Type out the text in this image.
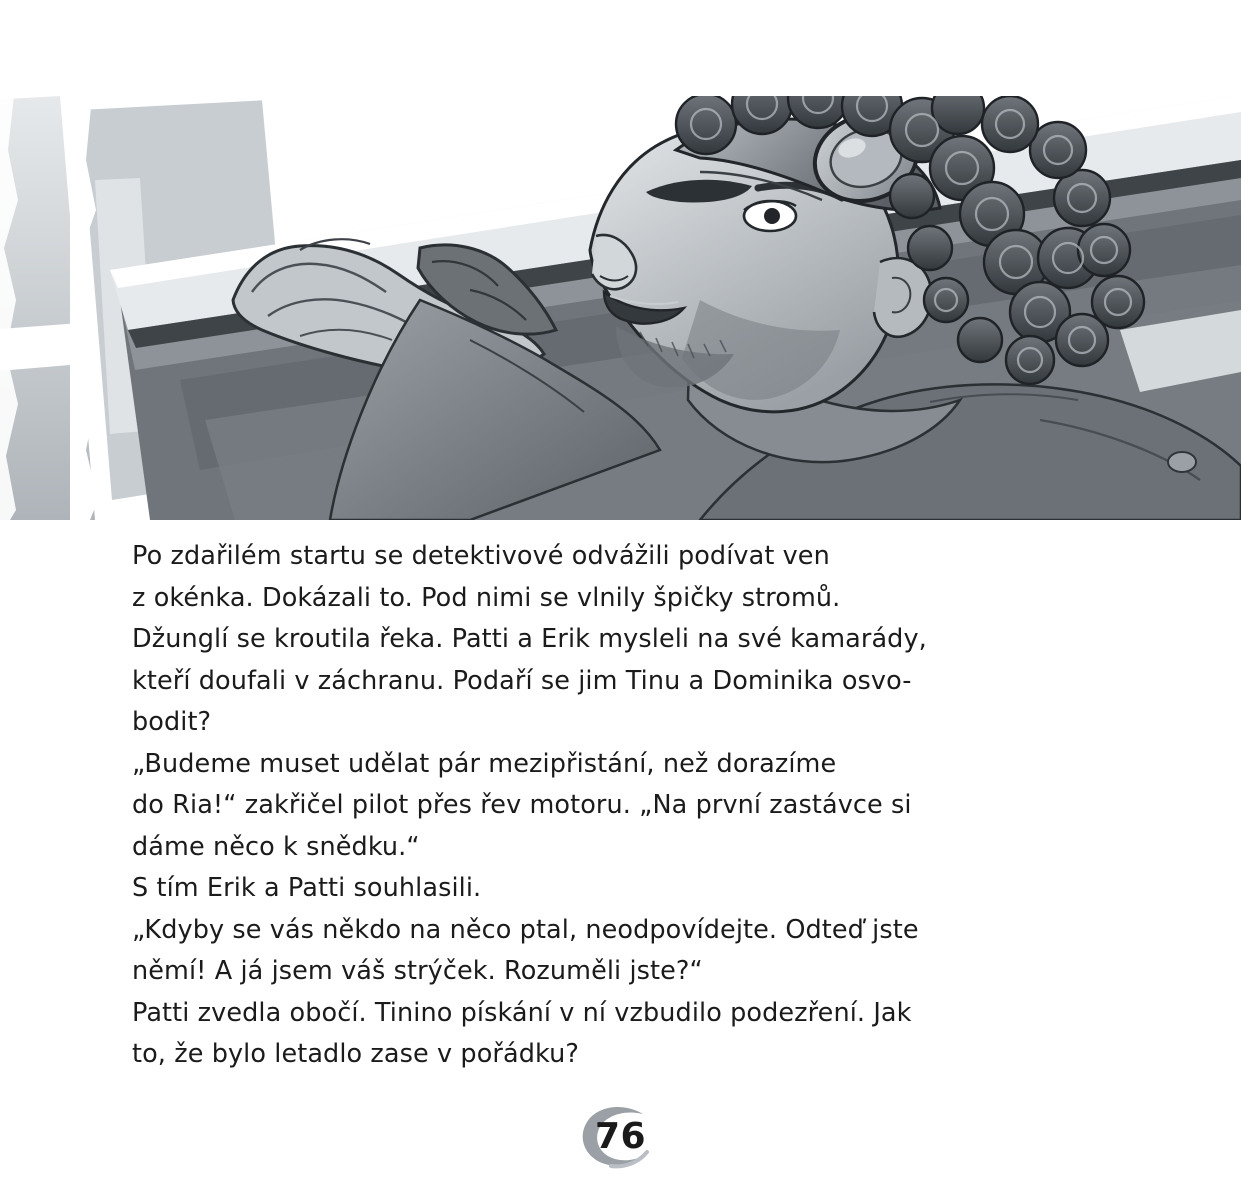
Po zdařilém startu se detektivové odvážili podívat ven

z okénka. Dokázali to. Pod nimi se vlnily špičky stromů.

Džunglí se kroutila řeka. Patti a Erik mysleli na své kamarády,

kteří doufali v záchranu. Podaří se jim Tinu a Dominika osvo-

bodit?

„Budeme muset udělat pár mezipřistání, než dorazíme

do Ria!“ zakřičel pilot přes řev motoru. „Na první zastávce si

dáme něco k snědku.“

S tím Erik a Patti souhlasili.

„Kdyby se vás někdo na něco ptal, neodpovídejte. Odteď jste

němí! A já jsem váš strýček. Rozuměli jste?“

Patti zvedla obočí. Tinino pískání v ní vzbudilo podezření. Jak

to, že bylo letadlo zase v pořádku?

76
